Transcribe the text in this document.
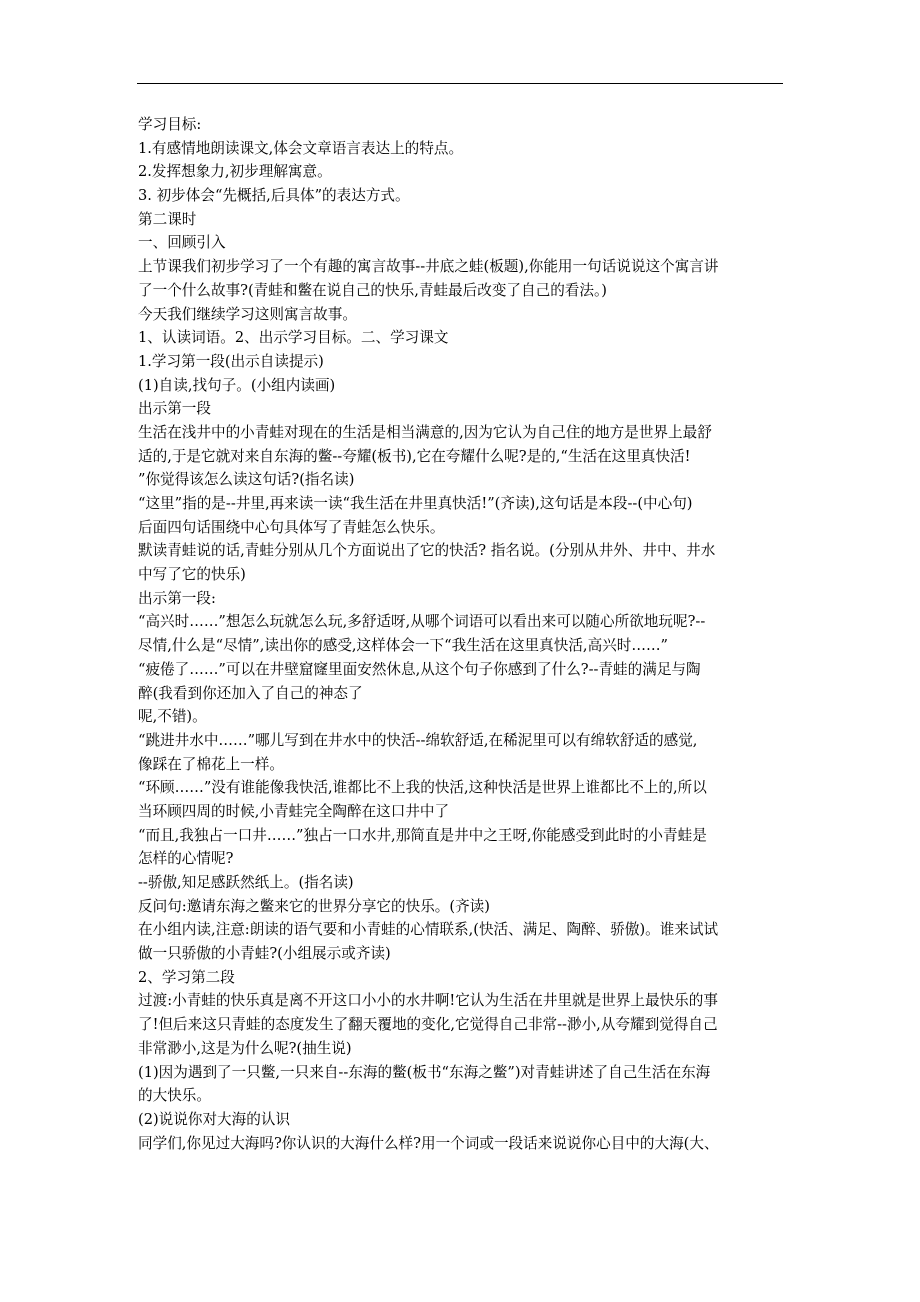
学习目标:
1.有感情地朗读课文,体会文章语言表达上的特点。
2.发挥想象力,初步理解寓意。
3. 初步体会“先概括,后具体”的表达方式。
第二课时
一、回顾引入
上节课我们初步学习了一个有趣的寓言故事--井底之蛙(板题),你能用一句话说说这个寓言讲
了一个什么故事?(青蛙和鳖在说自己的快乐,青蛙最后改变了自己的看法。)
今天我们继续学习这则寓言故事。
1、认读词语。2、出示学习目标。二、学习课文
1.学习第一段(出示自读提示)
(1)自读,找句子。(小组内读画)
出示第一段
生活在浅井中的小青蛙对现在的生活是相当满意的,因为它认为自己住的地方是世界上最舒
适的,于是它就对来自东海的鳖--夸耀(板书),它在夸耀什么呢?是的,“生活在这里真快活!
”你觉得该怎么读这句话?(指名读)
“这里”指的是--井里,再来读一读“我生活在井里真快活!”(齐读),这句话是本段--(中心句)
后面四句话围绕中心句具体写了青蛙怎么快乐。
默读青蛙说的话,青蛙分别从几个方面说出了它的快活? 指名说。(分别从井外、井中、井水
中写了它的快乐)
出示第一段:
“高兴时……”想怎么玩就怎么玩,多舒适呀,从哪个词语可以看出来可以随心所欲地玩呢?--
尽情,什么是“尽情”,读出你的感受,这样体会一下“我生活在这里真快活,高兴时……”
“疲倦了……”可以在井壁窟窿里面安然休息,从这个句子你感到了什么?--青蛙的满足与陶
醉(我看到你还加入了自己的神态了
呢,不错)。
“跳进井水中……”哪儿写到在井水中的快活--绵软舒适,在稀泥里可以有绵软舒适的感觉,
像踩在了棉花上一样。
“环顾……”没有谁能像我快活,谁都比不上我的快活,这种快活是世界上谁都比不上的,所以
当环顾四周的时候,小青蛙完全陶醉在这口井中了
“而且,我独占一口井……”独占一口水井,那简直是井中之王呀,你能感受到此时的小青蛙是
怎样的心情呢?
--骄傲,知足感跃然纸上。(指名读)
反问句:邀请东海之鳖来它的世界分享它的快乐。(齐读)
在小组内读,注意:朗读的语气要和小青蛙的心情联系,(快活、满足、陶醉、骄傲)。谁来试试
做一只骄傲的小青蛙?(小组展示或齐读)
2、学习第二段
过渡:小青蛙的快乐真是离不开这口小小的水井啊!它认为生活在井里就是世界上最快乐的事
了!但后来这只青蛙的态度发生了翻天覆地的变化,它觉得自己非常--渺小,从夸耀到觉得自己
非常渺小,这是为什么呢?(抽生说)
(1)因为遇到了一只鳖,一只来自--东海的鳖(板书“东海之鳖”)对青蛙讲述了自己生活在东海
的大快乐。
(2)说说你对大海的认识
同学们,你见过大海吗?你认识的大海什么样?用一个词或一段话来说说你心目中的大海(大、
